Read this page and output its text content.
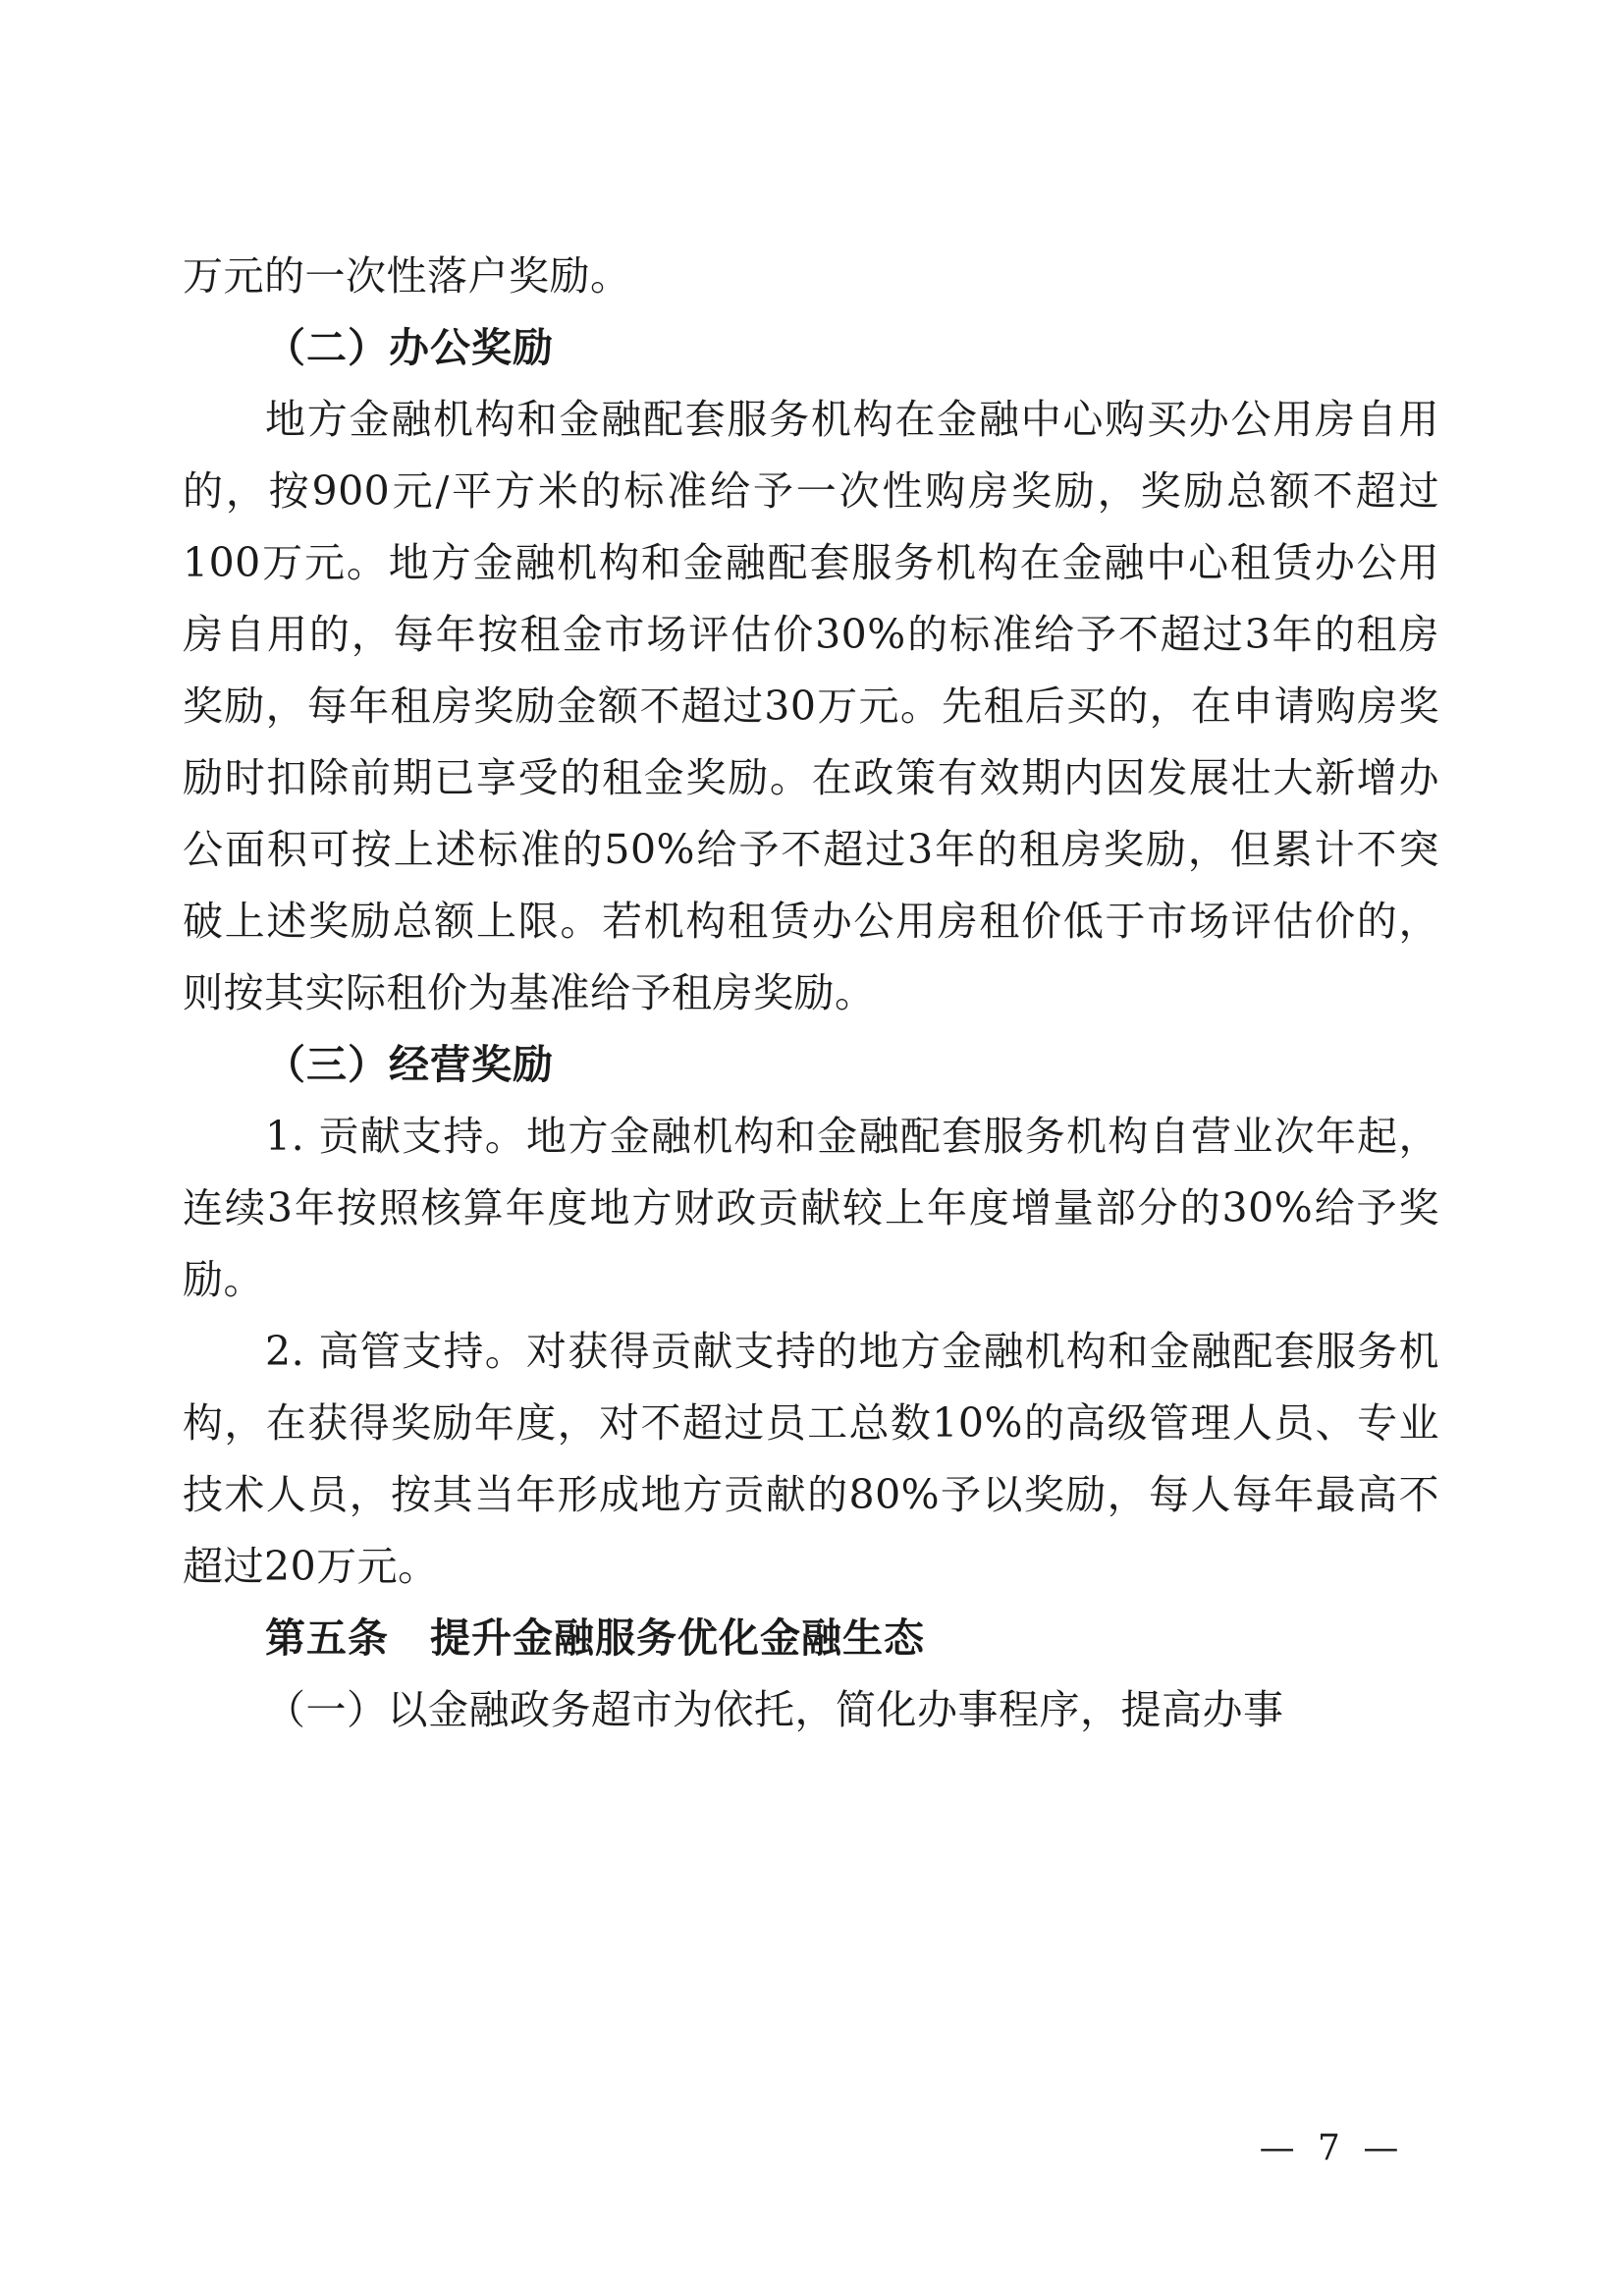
万元的一次性落户奖励。

（二）办公奖励

地方金融机构和金融配套服务机构在金融中心购买办公用房自用的，按900元/平方米的标准给予一次性购房奖励，奖励总额不超过100万元。地方金融机构和金融配套服务机构在金融中心租赁办公用房自用的，每年按租金市场评估价30%的标准给予不超过3年的租房奖励，每年租房奖励金额不超过30万元。先租后买的，在申请购房奖励时扣除前期已享受的租金奖励。在政策有效期内因发展壮大新增办公面积可按上述标准的50%给予不超过3年的租房奖励，但累计不突破上述奖励总额上限。若机构租赁办公用房租价低于市场评估价的，则按其实际租价为基准给予租房奖励。

（三）经营奖励

1. 贡献支持。地方金融机构和金融配套服务机构自营业次年起，连续3年按照核算年度地方财政贡献较上年度增量部分的30%给予奖励。

2. 高管支持。对获得贡献支持的地方金融机构和金融配套服务机构，在获得奖励年度，对不超过员工总数10%的高级管理人员、专业技术人员，按其当年形成地方贡献的80%予以奖励，每人每年最高不超过20万元。

第五条　提升金融服务优化金融生态

（一）以金融政务超市为依托，简化办事程序，提高办事

— 7 —
